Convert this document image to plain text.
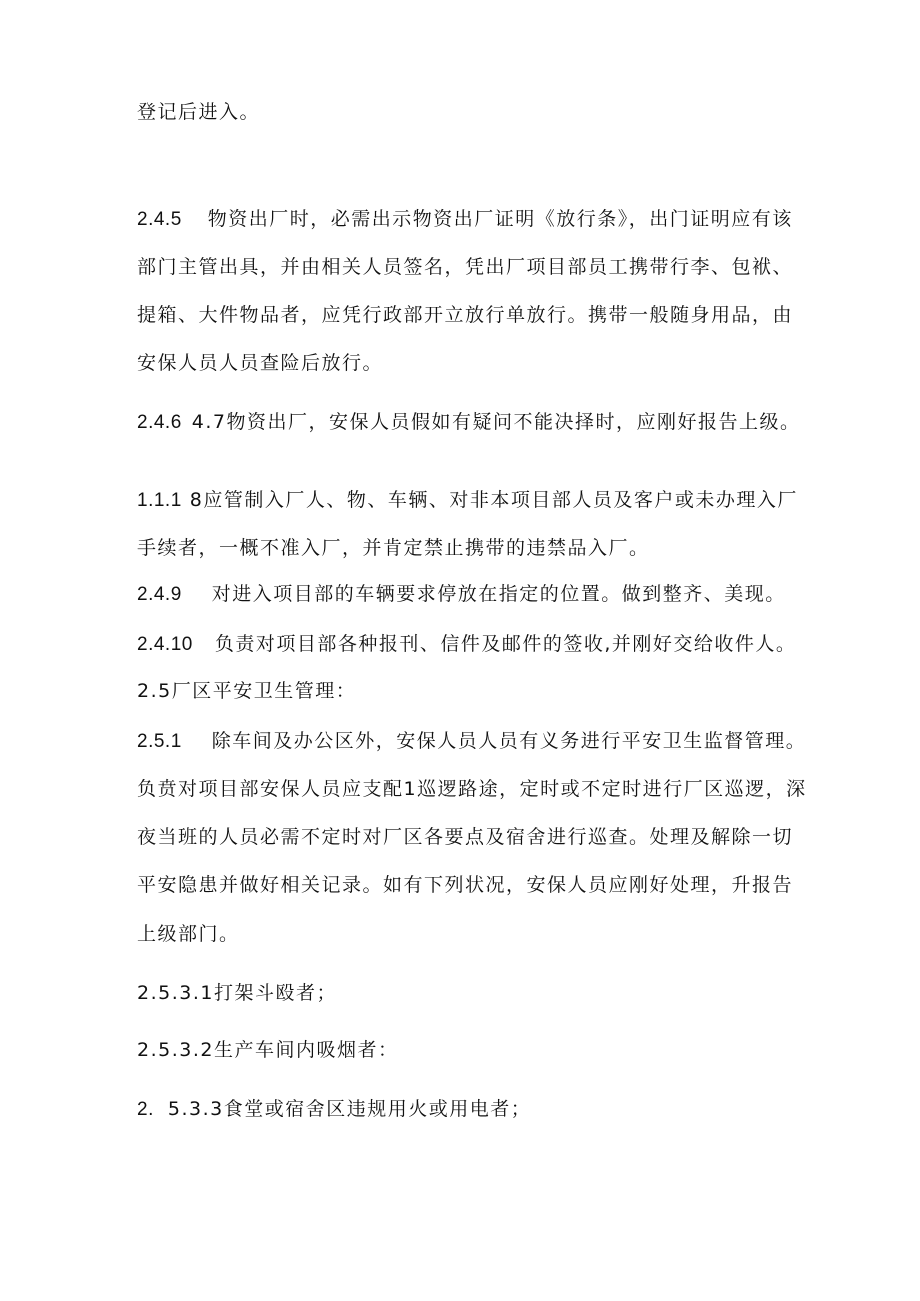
登记后进入。
2.4.5 物资出厂时，必需出示物资出厂证明《放行条》，出门证明应有该
部门主管出具，并由相关人员签名，凭出厂项目部员工携带行李、包袱、
提箱、大件物品者，应凭行政部开立放行单放行。携带一般随身用品，由
安保人员人员查险后放行。
2.4.6 4.7物资出厂，安保人员假如有疑问不能决择时，应刚好报告上级。
1.1.1 8应管制入厂人、物、车辆、对非本项目部人员及客户或未办理入厂
手续者，一概不准入厂，并肯定禁止携带的违禁品入厂。
2.4.9 对进入项目部的车辆要求停放在指定的位置。做到整齐、美现。
2.4.10 负责对项目部各种报刊、信件及邮件的签收,并刚好交给收件人。
2.5厂区平安卫生管理：
2.5.1 除车间及办公区外，安保人员人员有义务进行平安卫生监督管理。
负贲对项目部安保人员应支配1巡逻路途，定时或不定时进行厂区巡逻，深
夜当班的人员必需不定时对厂区各要点及宿舍进行巡查。处理及解除一切
平安隐患并做好相关记录。如有下列状况，安保人员应刚好处理，升报告
上级部门。
2.5.3.1打架斗殴者；
2.5.3.2生产车间内吸烟者：
2. 5.3.3食堂或宿舍区违规用火或用电者；
